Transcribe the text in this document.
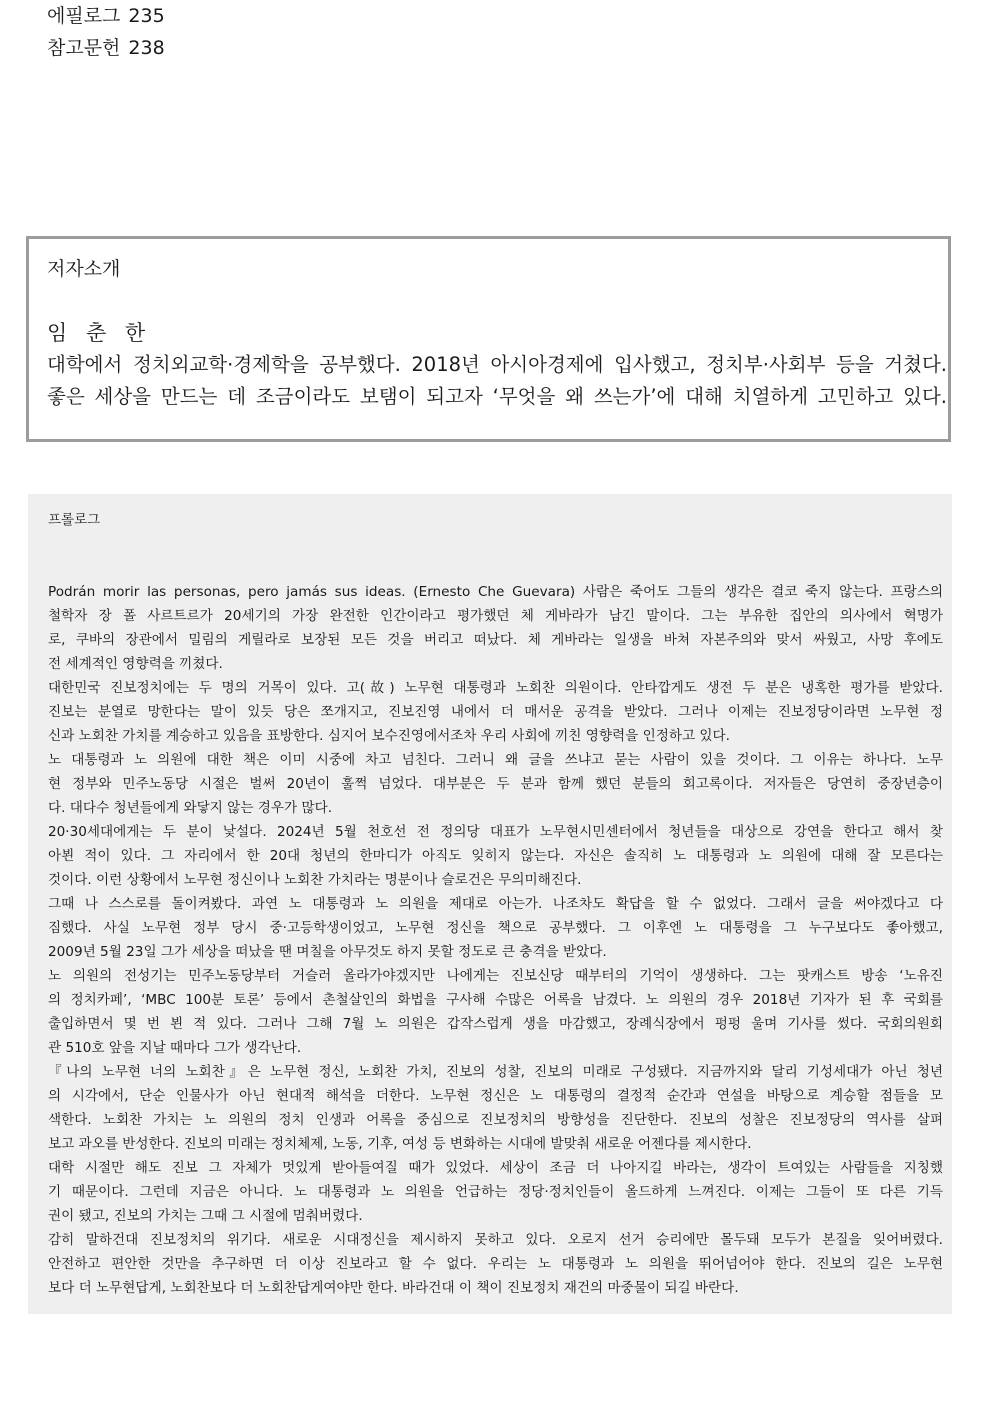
에필로그 235
참고문헌 238
저자소개
임 춘 한
대학에서 정치외교학·경제학을 공부했다. 2018년 아시아경제에 입사했고, 정치부·사회부 등을 거쳤다.
좋은 세상을 만드는 데 조금이라도 보탬이 되고자 ‘무엇을 왜 쓰는가’에 대해 치열하게 고민하고 있다.
프롤로그
Podrán morir las personas, pero jamás sus ideas. (Ernesto Che Guevara) 사람은 죽어도 그들의 생각은 결코 죽지 않는다. 프랑스의
철학자 장 폴 사르트르가 20세기의 가장 완전한 인간이라고 평가했던 체 게바라가 남긴 말이다. 그는 부유한 집안의 의사에서 혁명가
로, 쿠바의 장관에서 밀림의 게릴라로 보장된 모든 것을 버리고 떠났다. 체 게바라는 일생을 바쳐 자본주의와 맞서 싸웠고, 사망 후에도
전 세계적인 영향력을 끼쳤다.
대한민국 진보정치에는 두 명의 거목이 있다. 고(故) 노무현 대통령과 노회찬 의원이다. 안타깝게도 생전 두 분은 냉혹한 평가를 받았다.
진보는 분열로 망한다는 말이 있듯 당은 쪼개지고, 진보진영 내에서 더 매서운 공격을 받았다. 그러나 이제는 진보정당이라면 노무현 정
신과 노회찬 가치를 계승하고 있음을 표방한다. 심지어 보수진영에서조차 우리 사회에 끼친 영향력을 인정하고 있다.
노 대통령과 노 의원에 대한 책은 이미 시중에 차고 넘친다. 그러니 왜 글을 쓰냐고 묻는 사람이 있을 것이다. 그 이유는 하나다. 노무
현 정부와 민주노동당 시절은 벌써 20년이 훌쩍 넘었다. 대부분은 두 분과 함께 했던 분들의 회고록이다. 저자들은 당연히 중장년층이
다. 대다수 청년들에게 와닿지 않는 경우가 많다.
20·30세대에게는 두 분이 낯설다. 2024년 5월 천호선 전 정의당 대표가 노무현시민센터에서 청년들을 대상으로 강연을 한다고 해서 찾
아뵌 적이 있다. 그 자리에서 한 20대 청년의 한마디가 아직도 잊히지 않는다. 자신은 솔직히 노 대통령과 노 의원에 대해 잘 모른다는
것이다. 이런 상황에서 노무현 정신이나 노회찬 가치라는 명분이나 슬로건은 무의미해진다.
그때 나 스스로를 돌이켜봤다. 과연 노 대통령과 노 의원을 제대로 아는가. 나조차도 확답을 할 수 없었다. 그래서 글을 써야겠다고 다
짐했다. 사실 노무현 정부 당시 중·고등학생이었고, 노무현 정신을 책으로 공부했다. 그 이후엔 노 대통령을 그 누구보다도 좋아했고,
2009년 5월 23일 그가 세상을 떠났을 땐 며칠을 아무것도 하지 못할 정도로 큰 충격을 받았다.
노 의원의 전성기는 민주노동당부터 거슬러 올라가야겠지만 나에게는 진보신당 때부터의 기억이 생생하다. 그는 팟캐스트 방송 ‘노유진
의 정치카페’, ‘MBC 100분 토론’ 등에서 촌철살인의 화법을 구사해 수많은 어록을 남겼다. 노 의원의 경우 2018년 기자가 된 후 국회를
출입하면서 몇 번 뵌 적 있다. 그러나 그해 7월 노 의원은 갑작스럽게 생을 마감했고, 장례식장에서 펑펑 울며 기사를 썼다. 국회의원회
관 510호 앞을 지날 때마다 그가 생각난다.
『나의 노무현 너의 노회찬』은 노무현 정신, 노회찬 가치, 진보의 성찰, 진보의 미래로 구성됐다. 지금까지와 달리 기성세대가 아닌 청년
의 시각에서, 단순 인물사가 아닌 현대적 해석을 더한다. 노무현 정신은 노 대통령의 결정적 순간과 연설을 바탕으로 계승할 점들을 모
색한다. 노회찬 가치는 노 의원의 정치 인생과 어록을 중심으로 진보정치의 방향성을 진단한다. 진보의 성찰은 진보정당의 역사를 살펴
보고 과오를 반성한다. 진보의 미래는 정치체제, 노동, 기후, 여성 등 변화하는 시대에 발맞춰 새로운 어젠다를 제시한다.
대학 시절만 해도 진보 그 자체가 멋있게 받아들여질 때가 있었다. 세상이 조금 더 나아지길 바라는, 생각이 트여있는 사람들을 지칭했
기 때문이다. 그런데 지금은 아니다. 노 대통령과 노 의원을 언급하는 정당·정치인들이 올드하게 느껴진다. 이제는 그들이 또 다른 기득
권이 됐고, 진보의 가치는 그때 그 시절에 멈춰버렸다.
감히 말하건대 진보정치의 위기다. 새로운 시대정신을 제시하지 못하고 있다. 오로지 선거 승리에만 몰두돼 모두가 본질을 잊어버렸다.
안전하고 편안한 것만을 추구하면 더 이상 진보라고 할 수 없다. 우리는 노 대통령과 노 의원을 뛰어넘어야 한다. 진보의 길은 노무현
보다 더 노무현답게, 노회찬보다 더 노회찬답게여야만 한다. 바라건대 이 책이 진보정치 재건의 마중물이 되길 바란다.
